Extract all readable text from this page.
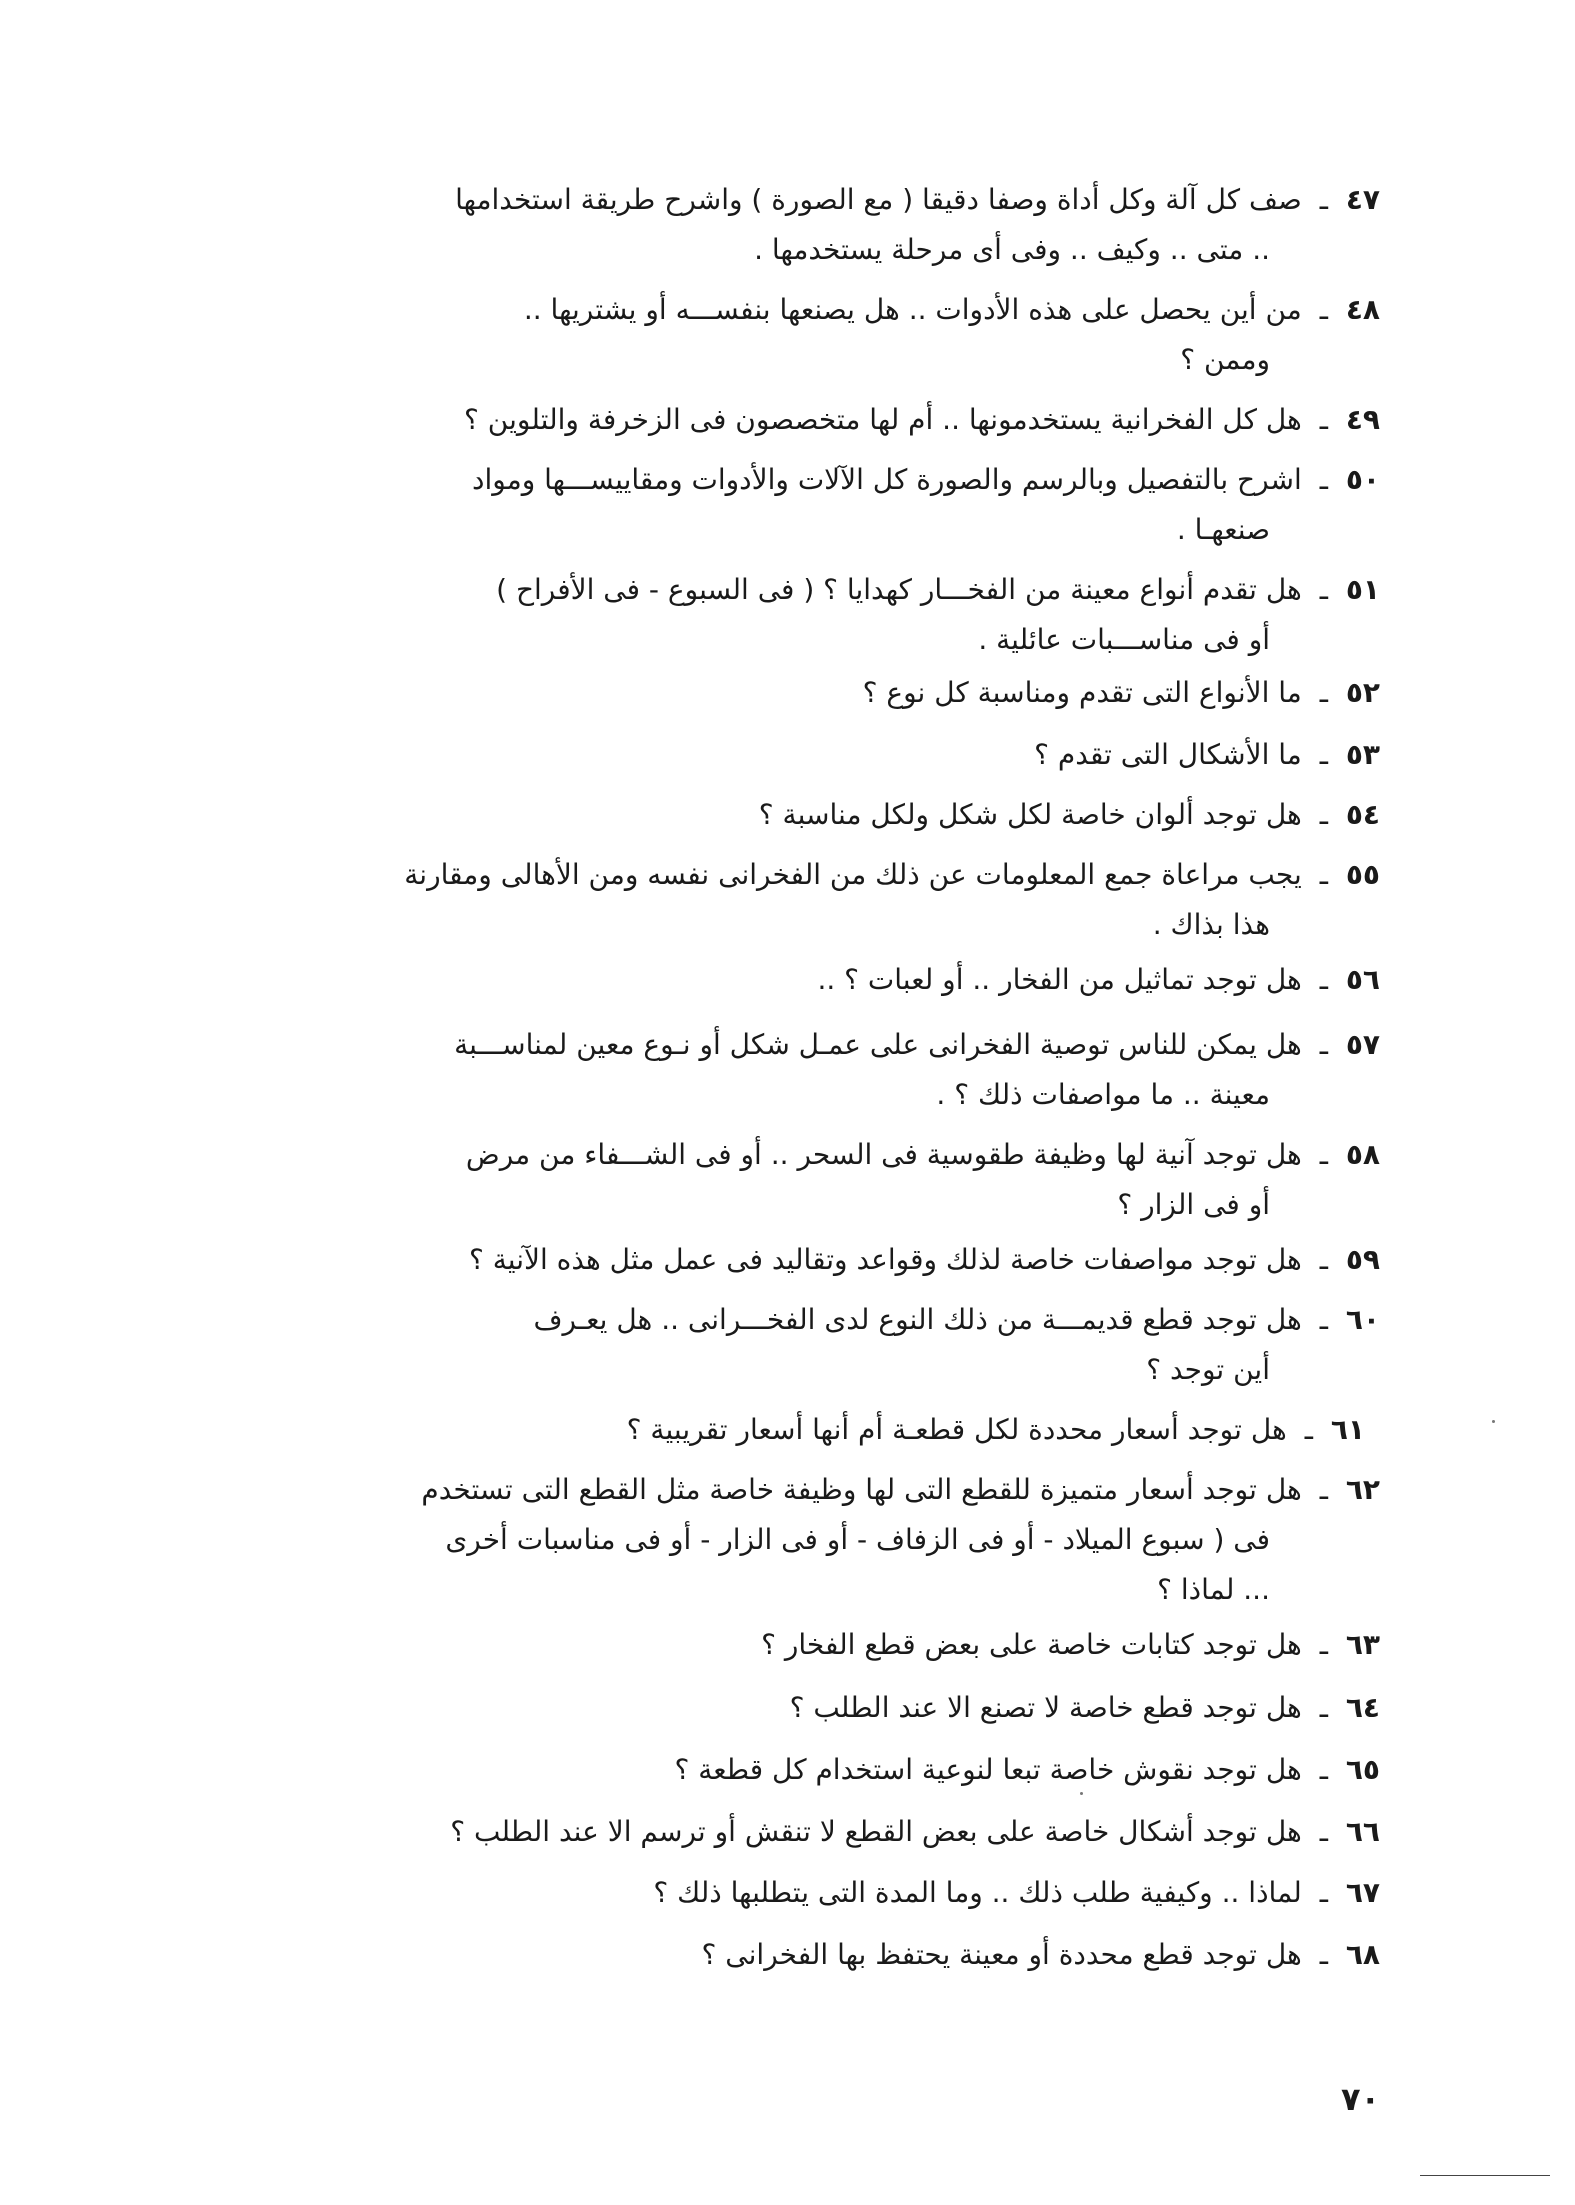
٤٧ـصف كل آلة وكل أداة وصفا دقيقا ( مع الصورة ) واشرح طريقة استخدامها
.. متى .. وكيف .. وفى أى مرحلة يستخدمها .
٤٨ـمن أين يحصل على هذه الأدوات .. هل يصنعها بنفســـه أو يشتريها ..
وممن ؟
٤٩ـهل كل الفخرانية يستخدمونها .. أم لها متخصصون فى الزخرفة والتلوين ؟
٥٠ـاشرح بالتفصيل وبالرسم والصورة كل الآلات والأدوات ومقاييســـها ومواد
صنعهـا .
٥١ـهل تقدم أنواع معينة من الفخـــار كهدايا ؟ ( فى السبوع - فى الأفراح )
أو فى مناســـبات عائلية .
٥٢ـما الأنواع التى تقدم ومناسبة كل نوع ؟
٥٣ـما الأشكال التى تقدم ؟
٥٤ـهل توجد ألوان خاصة لكل شكل ولكل مناسبة ؟
٥٥ـيجب مراعاة جمع المعلومات عن ذلك من الفخرانى نفسه ومن الأهالى ومقارنة
هذا بذاك .
٥٦ـهل توجد تماثيل من الفخار .. أو لعبات ؟ ..
٥٧ـهل يمكن للناس توصية الفخرانى على عمـل شكل أو نـوع معين لمناســـبة
معينة .. ما مواصفات ذلك ؟ .
٥٨ـهل توجد آنية لها وظيفة طقوسية فى السحر .. أو فى الشـــفاء من مرض
أو فى الزار ؟
٥٩ـهل توجد مواصفات خاصة لذلك وقواعد وتقاليد فى عمل مثل هذه الآنية ؟
٦٠ـهل توجد قطع قديمـــة من ذلك النوع لدى الفخـــرانى .. هل يعـرف
أين توجد ؟
٦١ـهل توجد أسعار محددة لكل قطعـة أم أنها أسعار تقريبية ؟
٦٢ـهل توجد أسعار متميزة للقطع التى لها وظيفة خاصة مثل القطع التى تستخدم
فى ( سبوع الميلاد - أو فى الزفاف - أو فى الزار - أو فى مناسبات أخرى
... لماذا ؟
٦٣ـهل توجد كتابات خاصة على بعض قطع الفخار ؟
٦٤ـهل توجد قطع خاصة لا تصنع الا عند الطلب ؟
٦٥ـهل توجد نقوش خاصة تبعا لنوعية استخدام كل قطعة ؟
٦٦ـهل توجد أشكال خاصة على بعض القطع لا تنقش أو ترسم الا عند الطلب ؟
٦٧ـلماذا .. وكيفية طلب ذلك .. وما المدة التى يتطلبها ذلك ؟
٦٨ـهل توجد قطع محددة أو معينة يحتفظ بها الفخرانى ؟
٧٠
